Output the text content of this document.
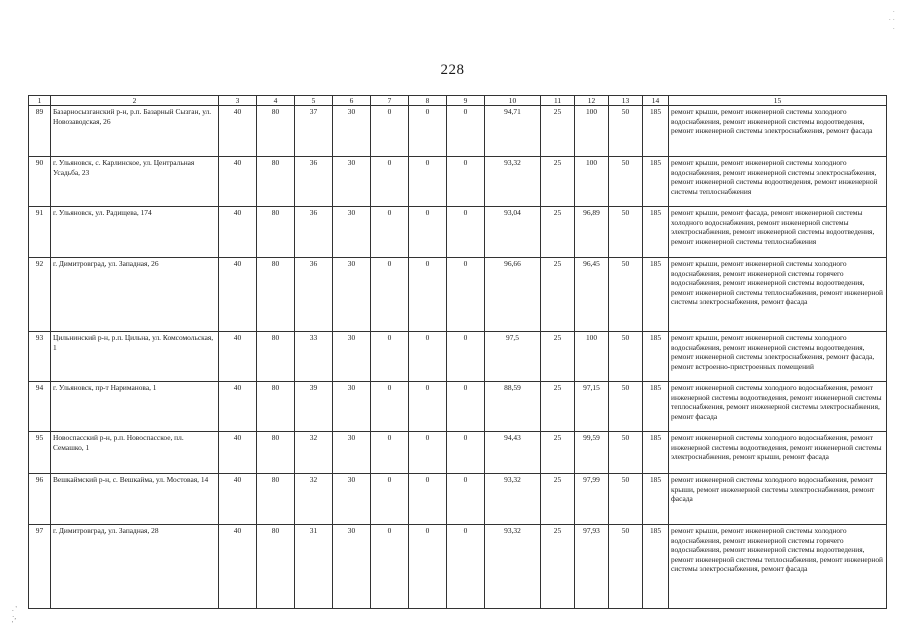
·
· ·
·
228
1	2	3	4	5	6	7	8	9	10	11	12	13	14	15
89	Базарносызганский р-н, р.п. Базарный Сызган, ул. Новозаводская, 26	40	80	37	30	0	0	0	94,71	25	100	50	185	ремонт крыши, ремонт инженерной системы холодного водоснабжения, ремонт инженерной системы водоотведения, ремонт инженерной системы электроснабжения, ремонт фасада
90	г. Ульяновск, с. Карлинское, ул. Центральная Усадьба, 23	40	80	36	30	0	0	0	93,32	25	100	50	185	ремонт крыши, ремонт инженерной системы холодного водоснабжения, ремонт инженерной системы электроснабжения, ремонт инженерной системы водоотведения, ремонт инженерной системы теплоснабжения
91	г. Ульяновск, ул. Радищева, 174	40	80	36	30	0	0	0	93,04	25	96,89	50	185	ремонт крыши, ремонт фасада, ремонт инженерной системы холодного водоснабжения, ремонт инженерной системы электроснабжения, ремонт инженерной системы водоотведения, ремонт инженерной системы теплоснабжения
92	г. Димитровград, ул. Западная, 26	40	80	36	30	0	0	0	96,66	25	96,45	50	185	ремонт крыши, ремонт инженерной системы холодного водоснабжения, ремонт инженерной системы горячего водоснабжения, ремонт инженерной системы водоотведения, ремонт инженерной системы теплоснабжения, ремонт инженерной системы электроснабжения, ремонт фасада
93	Цильнинский р-н, р.п. Цильна, ул. Комсомольская, 1	40	80	33	30	0	0	0	97,5	25	100	50	185	ремонт крыши, ремонт инженерной системы холодного водоснабжения, ремонт инженерной системы водоотведения, ремонт инженерной системы электроснабжения, ремонт фасада, ремонт встроенно-пристроенных помещений
94	г. Ульяновск, пр-т Нариманова, 1	40	80	39	30	0	0	0	88,59	25	97,15	50	185	ремонт инженерной системы холодного водоснабжения, ремонт инженерной системы водоотведения, ремонт инженерной системы теплоснабжения, ремонт инженерной системы электроснабжения, ремонт фасада
95	Новоспасский р-н, р.п. Новоспасское, пл. Семашко, 1	40	80	32	30	0	0	0	94,43	25	99,59	50	185	ремонт инженерной системы холодного водоснабжения, ремонт инженерной системы водоотведения, ремонт инженерной системы электроснабжения, ремонт крыши, ремонт фасада
96	Вешкаймский р-н, с. Вешкайма, ул. Мостовая, 14	40	80	32	30	0	0	0	93,32	25	97,99	50	185	ремонт инженерной системы холодного водоснабжения, ремонт крыши, ремонт инженерной системы электроснабжения, ремонт фасада
97	г. Димитровград, ул. Западная, 28	40	80	31	30	0	0	0	93,32	25	97,93	50	185	ремонт крыши, ремонт инженерной системы холодного водоснабжения, ремонт инженерной системы горячего водоснабжения, ремонт инженерной системы водоотведения, ремонт инженерной системы теплоснабжения, ремонт инженерной системы электроснабжения, ремонт фасада
. '
·,
'
